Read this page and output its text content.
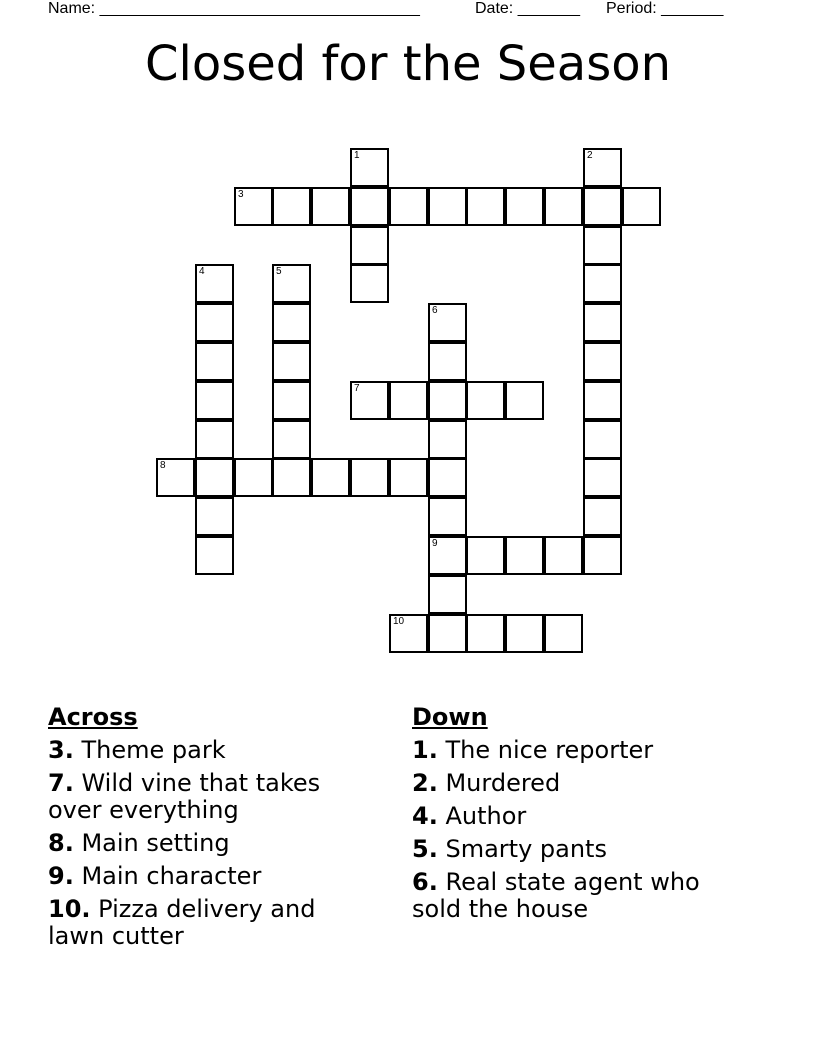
Name: ____________________________________	Date: _______ Period: _______
Closed for the Season
1	2
3
4	5
6
9
7
8
10
Across
3. Theme park
7. Wild vine that takes over everything
8. Main setting
9. Main character
10. Pizza delivery and lawn cutter
Down
1. The nice reporter
2. Murdered
4. Author
5. Smarty pants
6. Real state agent who sold the house
